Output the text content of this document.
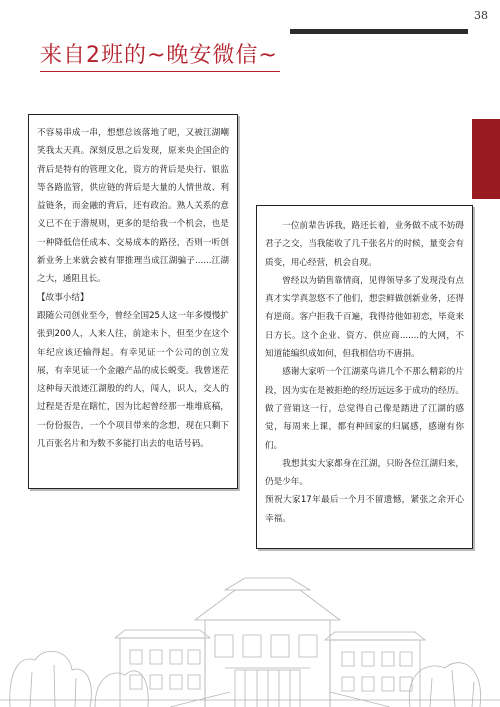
38
来自2班的~晚安微信~

不容易串成一串，想想总该落地了吧，又被江湖嘲笑我太天真。深刻反思之后发现，原来央企国企的背后是特有的管理文化，资方的背后是央行、银监等各路监管，供应链的背后是大量的人情世故、利益链条，而金融的背后，还有政治。熟人关系的意义已不在于潜规则，更多的是给我一个机会，也是一种降低信任成本、交易成本的路径，否则一听创新业务上来就会被有罪推理当成江湖骗子......江湖之大，通阻且长。

【故事小结】

跟随公司创业至今，曾经全国25人这一年多慢慢扩张到200人，人来人往，前途未卜，但至少在这个年纪应该还输得起。有幸见证一个公司的创立发展，有幸见证一个金融产品的成长蜕变。我曾迷茫这种每天浪迹江湖般的约人，闯人，识人，交人的过程是否是在瞎忙，因为比起曾经那一堆堆底稿，一份份报告，一个个项目带来的念想，现在只剩下几百张名片和为数不多能打出去的电话号码。

一位前辈告诉我，路还长着，业务做不成不妨碍君子之交，当我能收了几千张名片的时候，量变会有质变，用心经营，机会自现。

曾经以为销售靠情商，见得领导多了发现没有点真才实学真忽悠不了他们，想尝鲜做创新业务，还得有逆商。客户拒我千百遍，我得待他如初恋，毕竟来日方长。这个企业、资方、供应商.......的大网，不知道能编织成如何，但我相信功不唐捐。

感谢大家听一个江湖菜鸟讲几个不那么精彩的片段，因为实在是被拒绝的经历远远多于成功的经历。做了营销这一行，总觉得自己像是踏进了江湖的感觉，每周来上课，都有种回家的归属感，感谢有你们。

我想其实大家都身在江湖，只盼各位江湖归来，仍是少年。

预祝大家17年最后一个月不留遗憾，紧张之余开心幸福。
